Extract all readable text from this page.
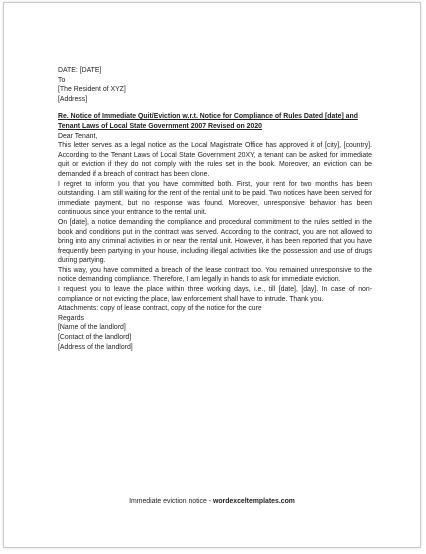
DATE: [DATE]

To

[The Resident of XYZ]

[Address]

Re. Notice of Immediate Quit/Eviction w.r.t. Notice for Compliance of Rules Dated [date] and Tenant Laws of Local State Government 2007 Revised on 2020

Dear Tenant,

This letter serves as a legal notice as the Local Magistrate Office has approved it of [city], [country]. According to the Tenant Laws of Local State Government 20XY, a tenant can be asked for immediate quit or eviction if they do not comply with the rules set in the book. Moreover, an eviction can be demanded if a breach of contract has been clone.

I regret to inform you that you have committed both. First, your rent for two months has been outstanding. I am still waiting for the rent of the rental unit to be paid. Two notices have been served for immediate payment, but no response was found. Moreover, unresponsive behavior has been continuous since your entrance to the rental unit.

On [date], a notice demanding the compliance and procedural commitment to the rules settled in the book and conditions put in the contract was served. According to the contract, you are not allowed to bring into any criminal activities in or near the rental unit. However, it has been reported that you have frequently been partying in your house, including illegal activities like the possession and use of drugs during partying.

This way, you have committed a breach of the lease contract too. You remained unresponsive to the notice demanding compliance. Therefore, I am legally in hands to ask for immediate eviction.

I request you to leave the place within three working days, i.e., till [date], [day]. In case of non-compliance or not evicting the place, law enforcement shall have to intrude. Thank you.

Attachments: copy of lease contract, copy of the notice for the cure

Regards

[Name of the landlord]
[Contact of the landlord]
[Address of the landlord]
Immediate eviction notice - wordexceltemplates.com
